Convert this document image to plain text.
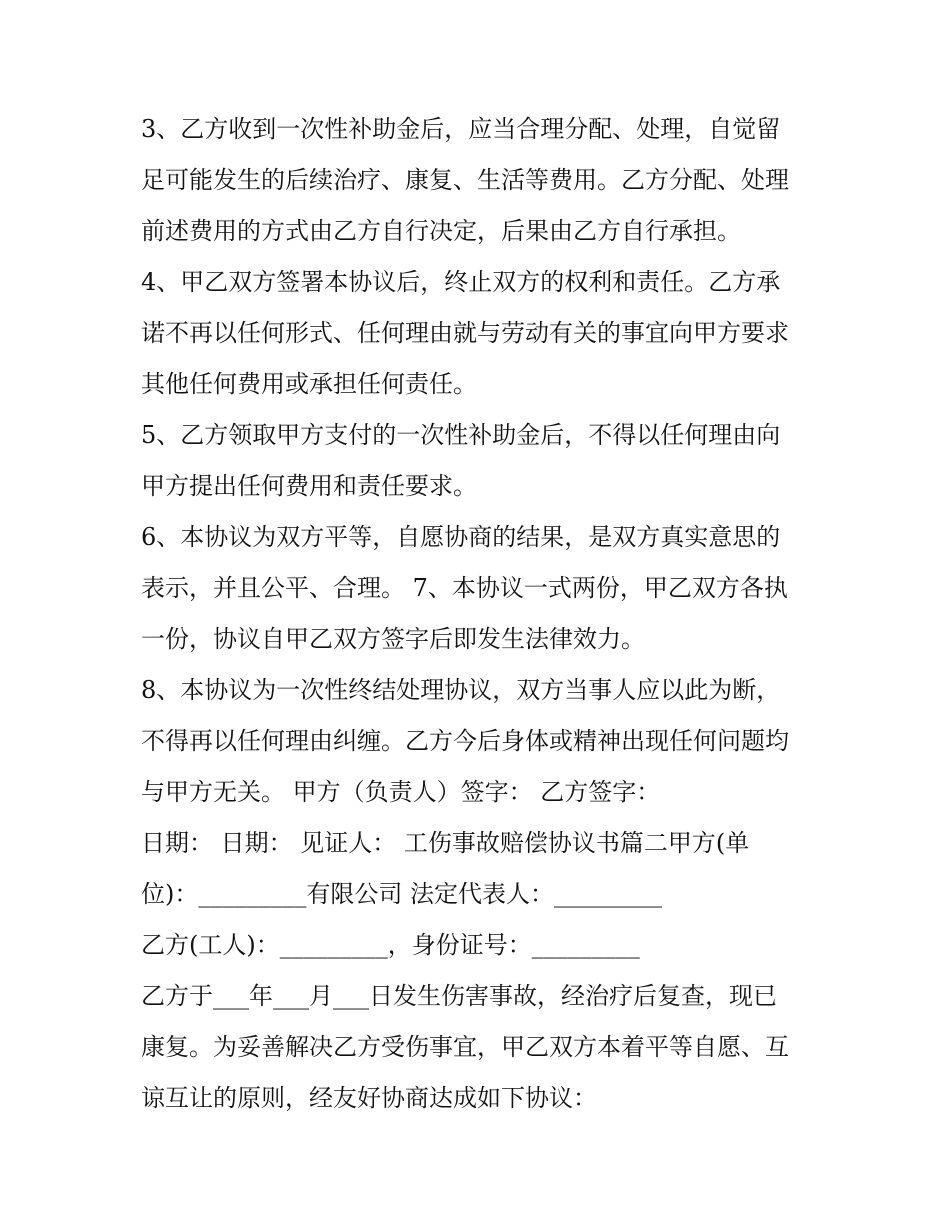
3、乙方收到一次性补助金后，应当合理分配、处理，自觉留
足可能发生的后续治疗、康复、生活等费用。乙方分配、处理
前述费用的方式由乙方自行决定，后果由乙方自行承担。
4、甲乙双方签署本协议后，终止双方的权利和责任。乙方承
诺不再以任何形式、任何理由就与劳动有关的事宜向甲方要求
其他任何费用或承担任何责任。
5、乙方领取甲方支付的一次性补助金后，不得以任何理由向
甲方提出任何费用和责任要求。
6、本协议为双方平等，自愿协商的结果，是双方真实意思的
表示，并且公平、合理。 7、本协议一式两份，甲乙双方各执
一份，协议自甲乙双方签字后即发生法律效力。
8、本协议为一次性终结处理协议，双方当事人应以此为断，
不得再以任何理由纠缠。乙方今后身体或精神出现任何问题均
与甲方无关。 甲方（负责人）签字： 乙方签字：
日期： 日期： 见证人： 工伤事故赔偿协议书篇二甲方(单
位)：_________有限公司 法定代表人：_________
乙方(工人)：_________，身份证号：_________
乙方于___年___月___日发生伤害事故，经治疗后复查，现已
康复。为妥善解决乙方受伤事宜，甲乙双方本着平等自愿、互
谅互让的原则，经友好协商达成如下协议：
